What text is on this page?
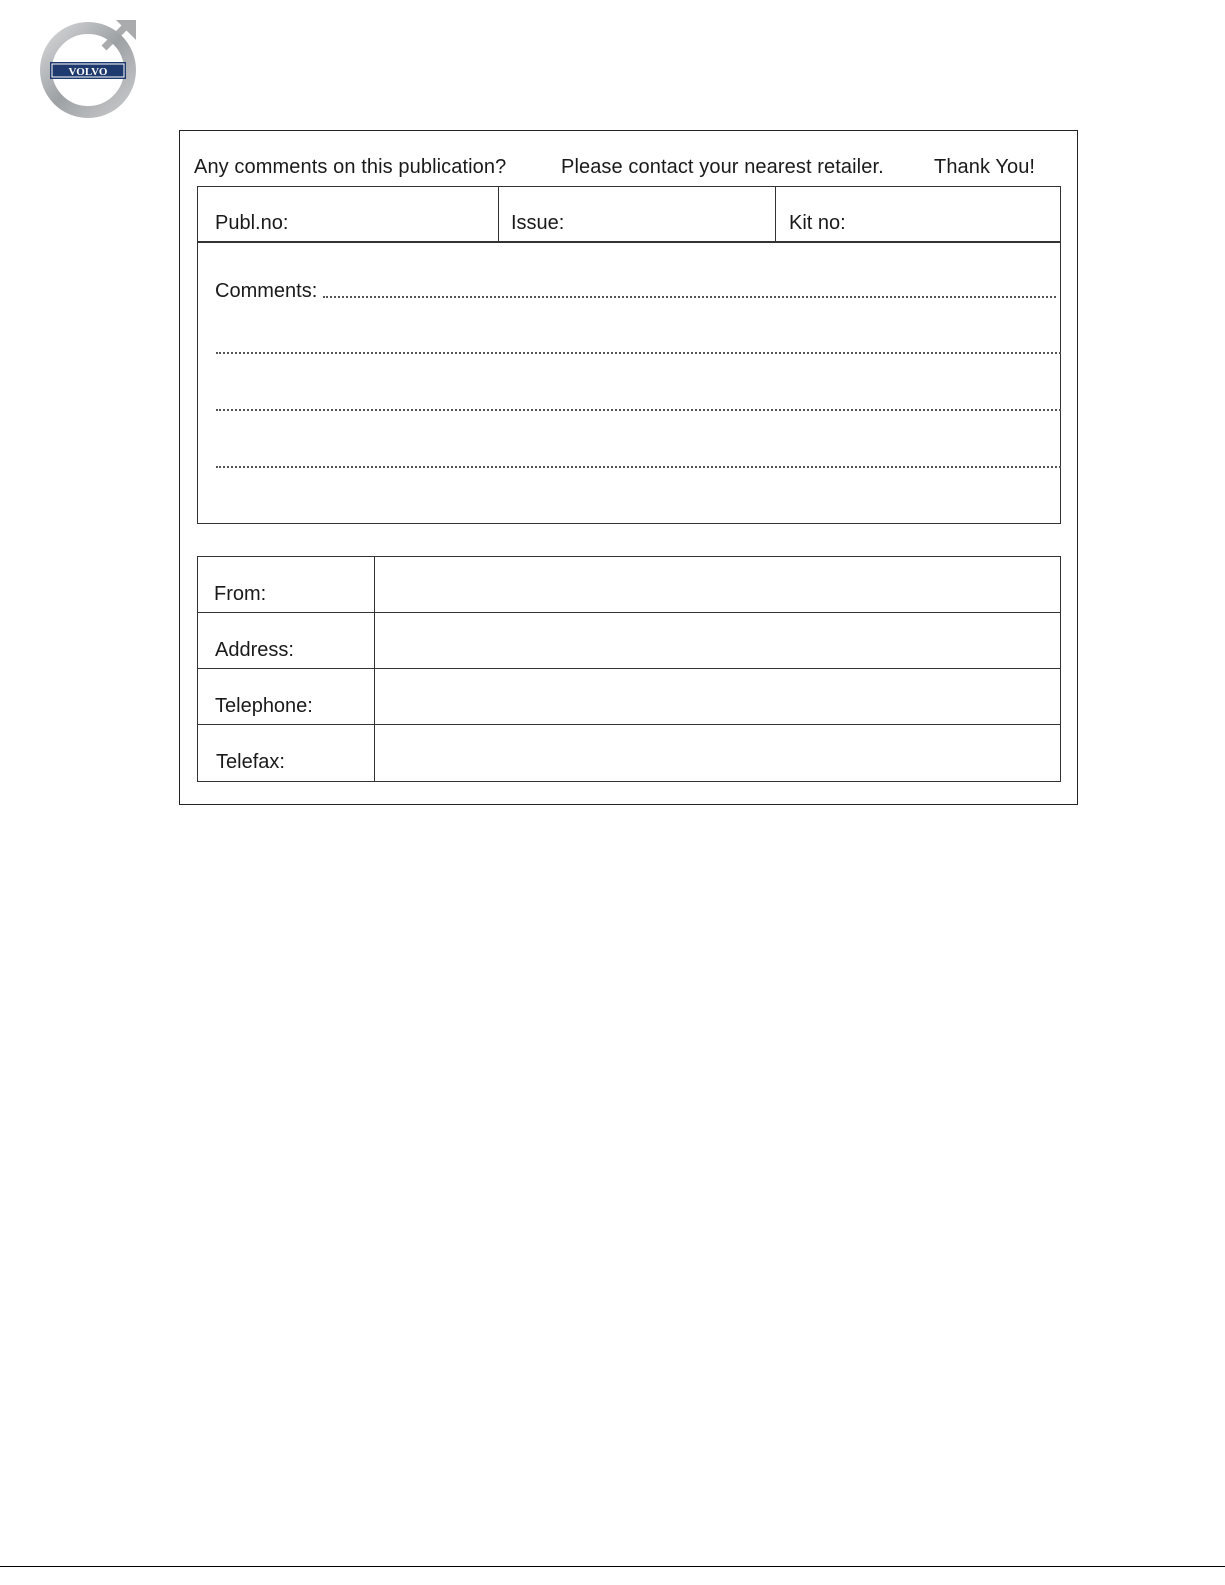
VOLVO
Any comments on this publication?	Please contact your nearest retailer.	Thank You!
Publ.no:	Issue:	Kit no:
Comments:
From:
Address:
Telephone:
Telefax:
